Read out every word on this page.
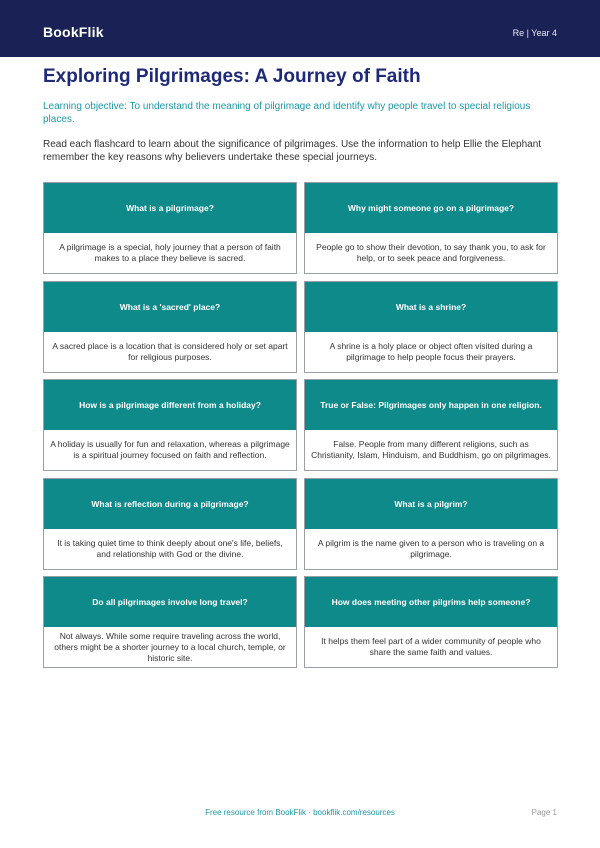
BookFlik	Re | Year 4
Exploring Pilgrimages: A Journey of Faith
Learning objective: To understand the meaning of pilgrimage and identify why people travel to special religious places.
Read each flashcard to learn about the significance of pilgrimages. Use the information to help Ellie the Elephant remember the key reasons why believers undertake these special journeys.
What is a pilgrimage?
A pilgrimage is a special, holy journey that a person of faith makes to a place they believe is sacred.
Why might someone go on a pilgrimage?
People go to show their devotion, to say thank you, to ask for help, or to seek peace and forgiveness.
What is a 'sacred' place?
A sacred place is a location that is considered holy or set apart for religious purposes.
What is a shrine?
A shrine is a holy place or object often visited during a pilgrimage to help people focus their prayers.
How is a pilgrimage different from a holiday?
A holiday is usually for fun and relaxation, whereas a pilgrimage is a spiritual journey focused on faith and reflection.
True or False: Pilgrimages only happen in one religion.
False. People from many different religions, such as Christianity, Islam, Hinduism, and Buddhism, go on pilgrimages.
What is reflection during a pilgrimage?
It is taking quiet time to think deeply about one's life, beliefs, and relationship with God or the divine.
What is a pilgrim?
A pilgrim is the name given to a person who is traveling on a pilgrimage.
Do all pilgrimages involve long travel?
Not always. While some require traveling across the world, others might be a shorter journey to a local church, temple, or historic site.
How does meeting other pilgrims help someone?
It helps them feel part of a wider community of people who share the same faith and values.
Free resource from BookFlik · bookflik.com/resources	Page 1
